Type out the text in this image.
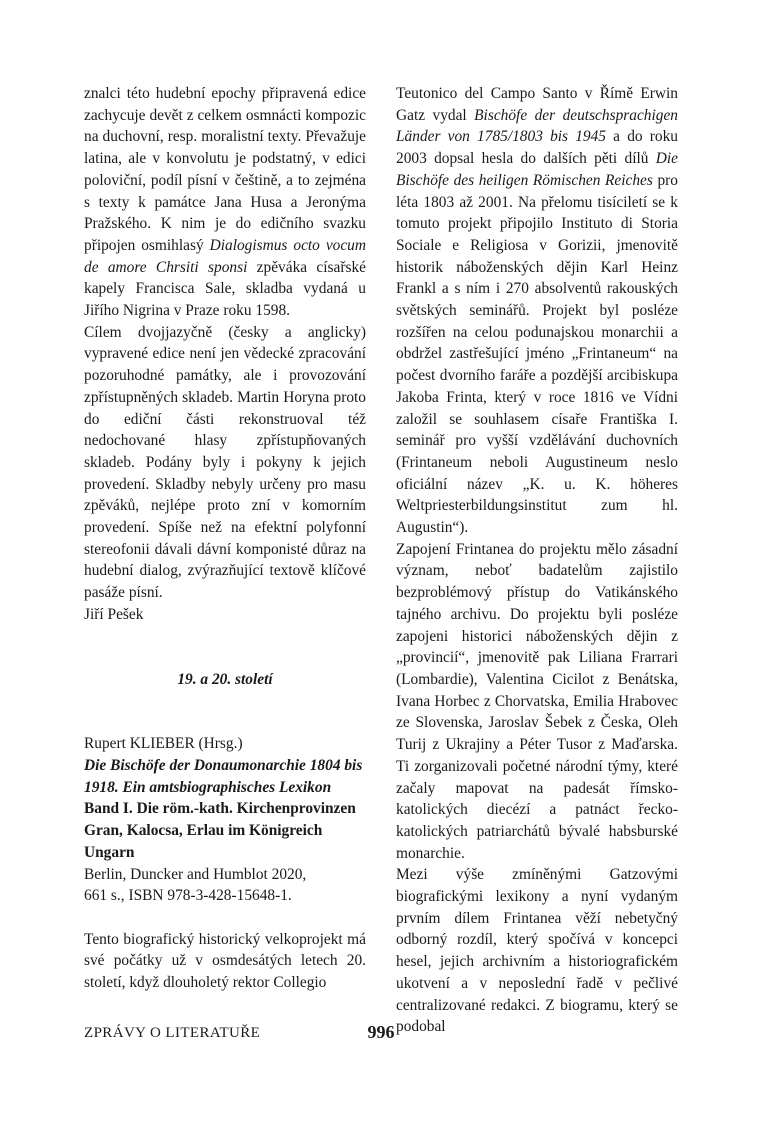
znalci této hudební epochy připravená edice zachycuje devět z celkem osmnácti kompozic na duchovní, resp. moralistní texty. Převažuje latina, ale v konvolutu je podstatný, v edici poloviční, podíl písní v češtině, a to zejména s texty k památce Jana Husa a Jeronýma Pražského. K nim je do edičního svazku připojen osmihlasý Dialogismus octo vocum de amore Chrsiti sponsi zpěváka císařské kapely Francisca Sale, skladba vydaná u Jiřího Nigrina v Praze roku 1598.

Cílem dvojjazyčně (česky a anglicky) vypravené edice není jen vědecké zpracování pozoruhodné památky, ale i provozování zpřístupněných skladeb. Martin Horyna proto do ediční části rekonstruoval též nedochované hlasy zpřístupňovaných skladeb. Podány byly i pokyny k jejich provedení. Skladby nebyly určeny pro masu zpěváků, nejlépe proto zní v komorním provedení. Spíše než na efektní polyfonní stereofonii dávali dávní komponisté důraz na hudební dialog, zvýrazňující textově klíčové pasáže písní.

Jiří Pešek

19. a 20. století
Rupert KLIEBER (Hrsg.)
Die Bischöfe der Donaumonarchie 1804 bis 1918. Ein amtsbiographisches Lexikon
Band I. Die röm.-kath. Kirchenprovinzen Gran, Kalocsa, Erlau im Königreich Ungarn
Berlin, Duncker and Humblot 2020,
661 s., ISBN 978-3-428-15648-1.

Tento biografický historický velkoprojekt má své počátky už v osmdesátých letech 20. století, když dlouholetý rektor Collegio

Teutonico del Campo Santo v Římě Erwin Gatz vydal Bischöfe der deutschsprachigen Länder von 1785/1803 bis 1945 a do roku 2003 dopsal hesla do dalších pěti dílů Die Bischöfe des heiligen Römischen Reiches pro léta 1803 až 2001. Na přelomu tisíciletí se k tomuto projekt připojilo Instituto di Storia Sociale e Religiosa v Gorizii, jmenovitě historik náboženských dějin Karl Heinz Frankl a s ním i 270 absolventů rakouských světských seminářů. Projekt byl posléze rozšířen na celou podunajskou monarchii a obdržel zastřešující jméno „Frintaneum“ na počest dvorního faráře a pozdější arcibiskupa Jakoba Frinta, který v roce 1816 ve Vídni založil se souhlasem císaře Františka I. seminář pro vyšší vzdělávání duchovních (Frintaneum neboli Augustineum neslo oficiální název „K. u. K. höheres Weltpriesterbildungsinstitut zum hl. Augustin“).

Zapojení Frintanea do projektu mělo zásadní význam, neboť badatelům zajistilo bezproblémový přístup do Vatikánského tajného archivu. Do projektu byli posléze zapojeni historici náboženských dějin z „provincií“, jmenovitě pak Liliana Frarrari (Lombardie), Valentina Cicilot z Benátska, Ivana Horbec z Chorvatska, Emilia Hrabovec ze Slovenska, Jaroslav Šebek z Česka, Oleh Turij z Ukrajiny a Péter Tusor z Maďarska. Ti zorganizovali početné národní týmy, které začaly mapovat na padesát římsko-katolických diecézí a patnáct řecko-katolických patriarchátů bývalé habsburské monarchie.

Mezi výše zmíněnými Gatzovými biografickými lexikony a nyní vydaným prvním dílem Frintanea věží nebetyčný odborný rozdíl, který spočívá v koncepci hesel, jejich archivním a historiografickém ukotvení a v neposlední řadě v pečlivé centralizované redakci. Z biogramu, který se podobal

ZPRÁVY O LITERATUŘE	996
